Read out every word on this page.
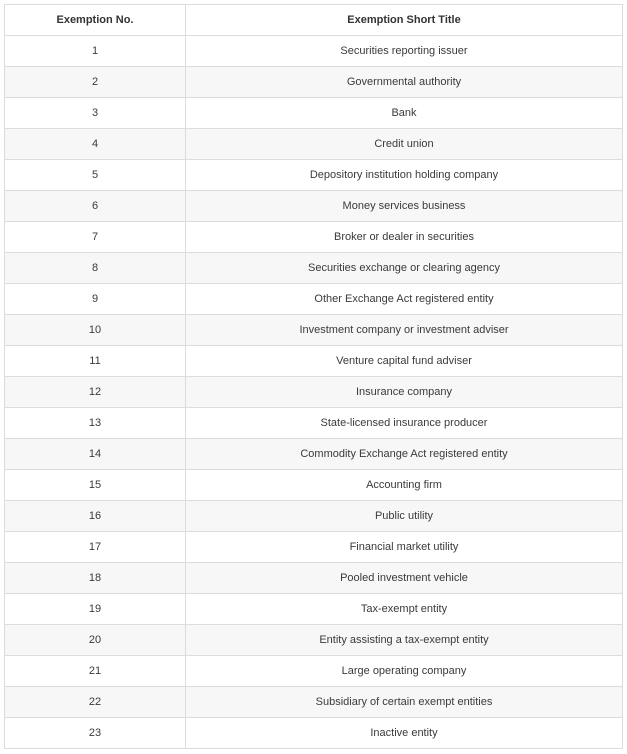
Exemption No.	Exemption Short Title
1	Securities reporting issuer
2	Governmental authority
3	Bank
4	Credit union
5	Depository institution holding company
6	Money services business
7	Broker or dealer in securities
8	Securities exchange or clearing agency
9	Other Exchange Act registered entity
10	Investment company or investment adviser
11	Venture capital fund adviser
12	Insurance company
13	State-licensed insurance producer
14	Commodity Exchange Act registered entity
15	Accounting firm
16	Public utility
17	Financial market utility
18	Pooled investment vehicle
19	Tax-exempt entity
20	Entity assisting a tax-exempt entity
21	Large operating company
22	Subsidiary of certain exempt entities
23	Inactive entity
